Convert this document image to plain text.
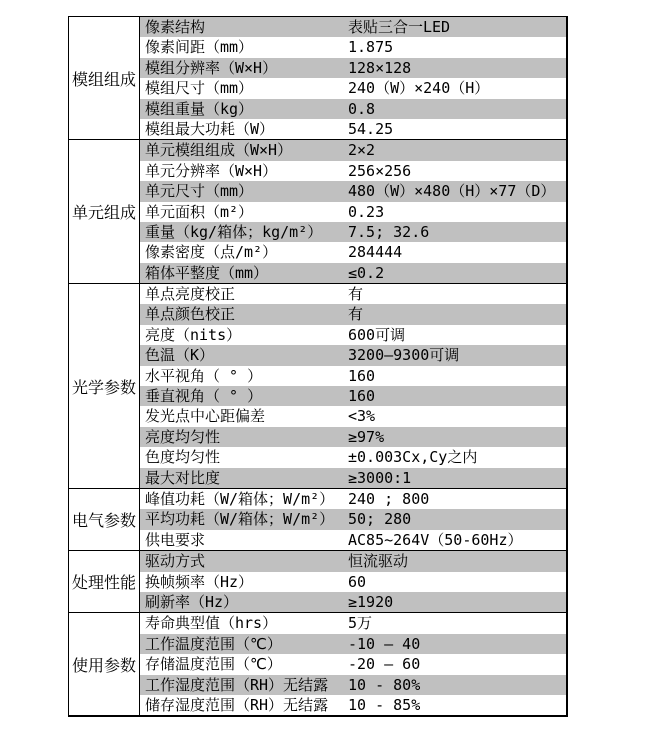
模组组成
像素结构	表贴三合一LED
像素间距（mm）	1.875
模组分辨率（W×H）	128×128
模组尺寸（mm）	240（W）×240（H）
模组重量（kg）	0.8
模组最大功耗（W）	54.25
单元组成
单元模组组成（W×H）	2×2
单元分辨率（W×H）	256×256
单元尺寸（mm）	480（W）×480（H）×77（D）
单元面积（m²）	0.23
重量（kg/箱体；kg/m²）	7.5; 32.6
像素密度（点/m²）	284444
箱体平整度（mm）	≤0.2
光学参数
单点亮度校正	有
单点颜色校正	有
亮度（nits）	600可调
色温（K）	3200—9300可调
水平视角（ ° ）	160
垂直视角（ ° ）	160
发光点中心距偏差	<3%
亮度均匀性	≥97%
色度均匀性	±0.003Cx,Cy之内
最大对比度	≥3000:1
电气参数
峰值功耗（W/箱体；W/m²） 240 ; 800
平均功耗（W/箱体；W/m²） 50; 280
供电要求	AC85~264V（50-60Hz）
处理性能
驱动方式	恒流驱动
换帧频率（Hz）	60
刷新率（Hz）	≥1920
使用参数
寿命典型值（hrs）	5万
工作温度范围（℃）	-10 — 40
存储温度范围（℃）	-20 — 60
工作湿度范围（RH）无结露	10 - 80%
储存湿度范围（RH）无结露	10 - 85%
